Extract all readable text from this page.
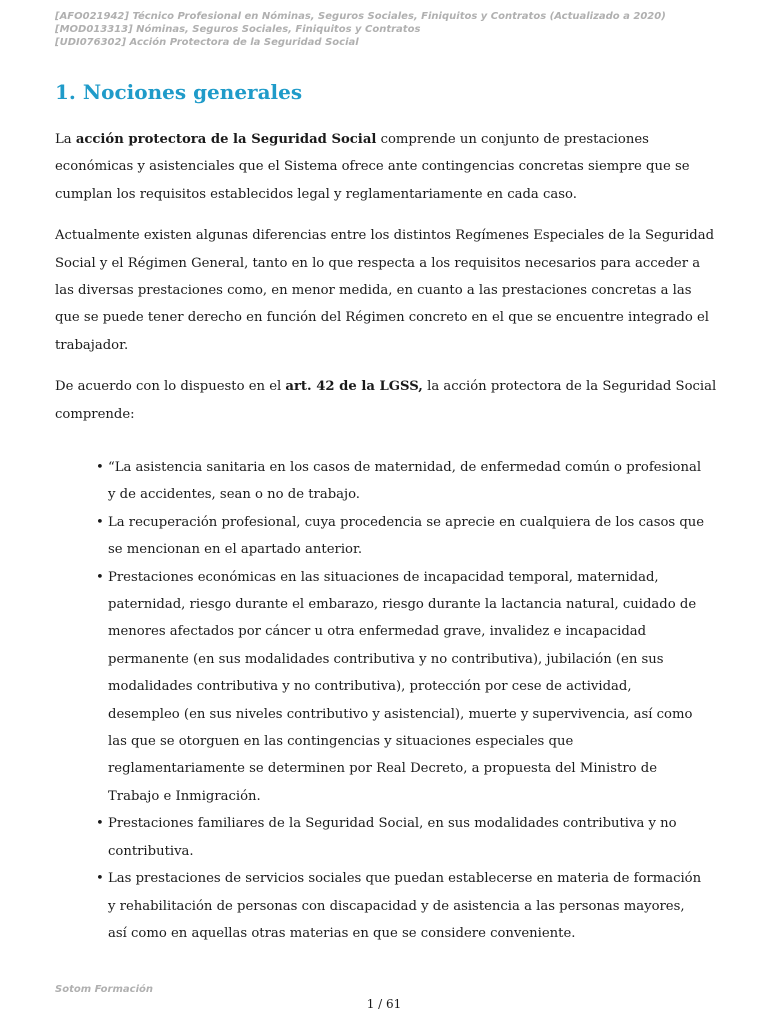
[AFO021942] Técnico Profesional en Nóminas, Seguros Sociales, Finiquitos y Contratos (Actualizado a 2020)
[MOD013313] Nóminas, Seguros Sociales, Finiquitos y Contratos
[UDI076302] Acción Protectora de la Seguridad Social
1. Nociones generales

La acción protectora de la Seguridad Social comprende un conjunto de prestaciones económicas y asistenciales que el Sistema ofrece ante contingencias concretas siempre que se cumplan los requisitos establecidos legal y reglamentariamente en cada caso.

Actualmente existen algunas diferencias entre los distintos Regímenes Especiales de la Seguridad Social y el Régimen General, tanto en lo que respecta a los requisitos necesarios para acceder a las diversas prestaciones como, en menor medida, en cuanto a las prestaciones concretas a las que se puede tener derecho en función del Régimen concreto en el que se encuentre integrado el trabajador.

De acuerdo con lo dispuesto en el art. 42 de la LGSS, la acción protectora de la Seguridad Social comprende:

• “La asistencia sanitaria en los casos de maternidad, de enfermedad común o profesional y de accidentes, sean o no de trabajo.
• La recuperación profesional, cuya procedencia se aprecie en cualquiera de los casos que se mencionan en el apartado anterior.
• Prestaciones económicas en las situaciones de incapacidad temporal, maternidad, paternidad, riesgo durante el embarazo, riesgo durante la lactancia natural, cuidado de menores afectados por cáncer u otra enfermedad grave, invalidez e incapacidad permanente (en sus modalidades contributiva y no contributiva), jubilación (en sus modalidades contributiva y no contributiva), protección por cese de actividad, desempleo (en sus niveles contributivo y asistencial), muerte y supervivencia, así como las que se otorguen en las contingencias y situaciones especiales que reglamentariamente se determinen por Real Decreto, a propuesta del Ministro de Trabajo e Inmigración.
• Prestaciones familiares de la Seguridad Social, en sus modalidades contributiva y no contributiva.
• Las prestaciones de servicios sociales que puedan establecerse en materia de formación y rehabilitación de personas con discapacidad y de asistencia a las personas mayores, así como en aquellas otras materias en que se considere conveniente.
Sotom Formación
1 / 61
